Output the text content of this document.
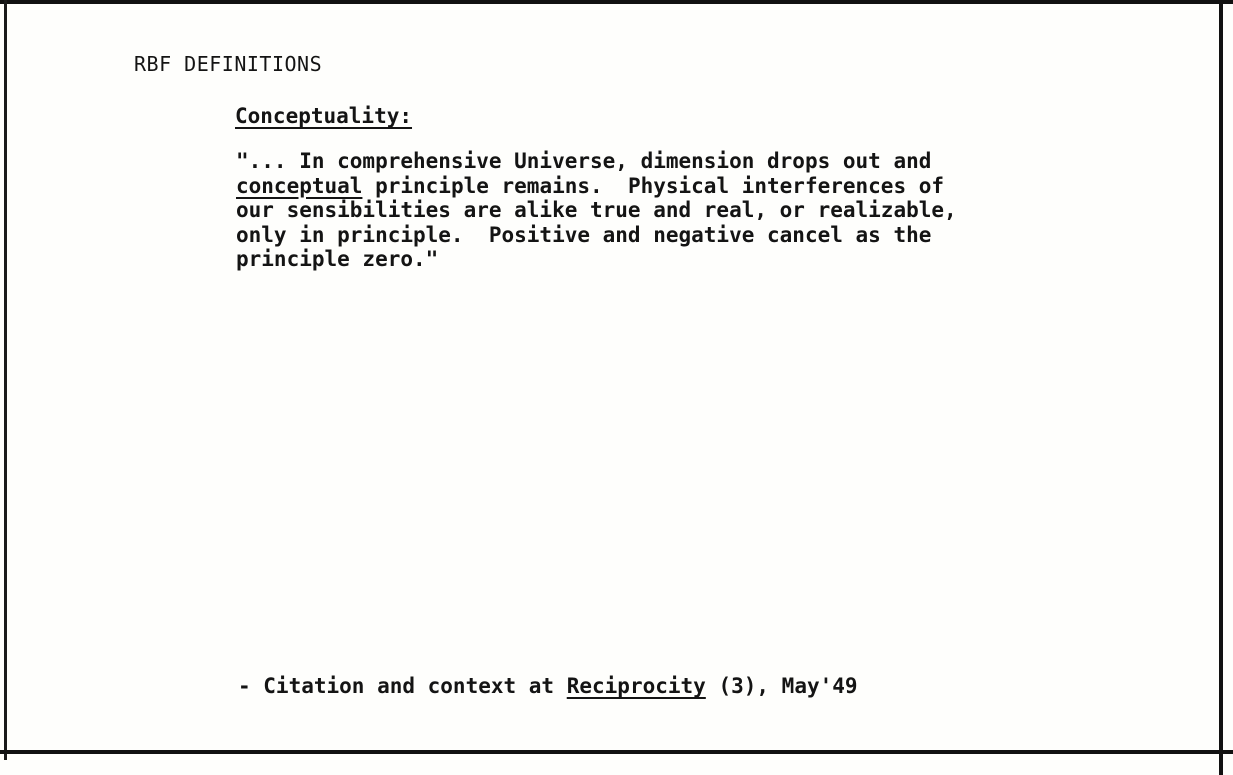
RBF DEFINITIONS
Conceptuality:
"... In comprehensive Universe, dimension drops out and
conceptual principle remains.  Physical interferences of
our sensibilities are alike true and real, or realizable,
only in principle.  Positive and negative cancel as the
principle zero."
- Citation and context at Reciprocity (3), May'49
